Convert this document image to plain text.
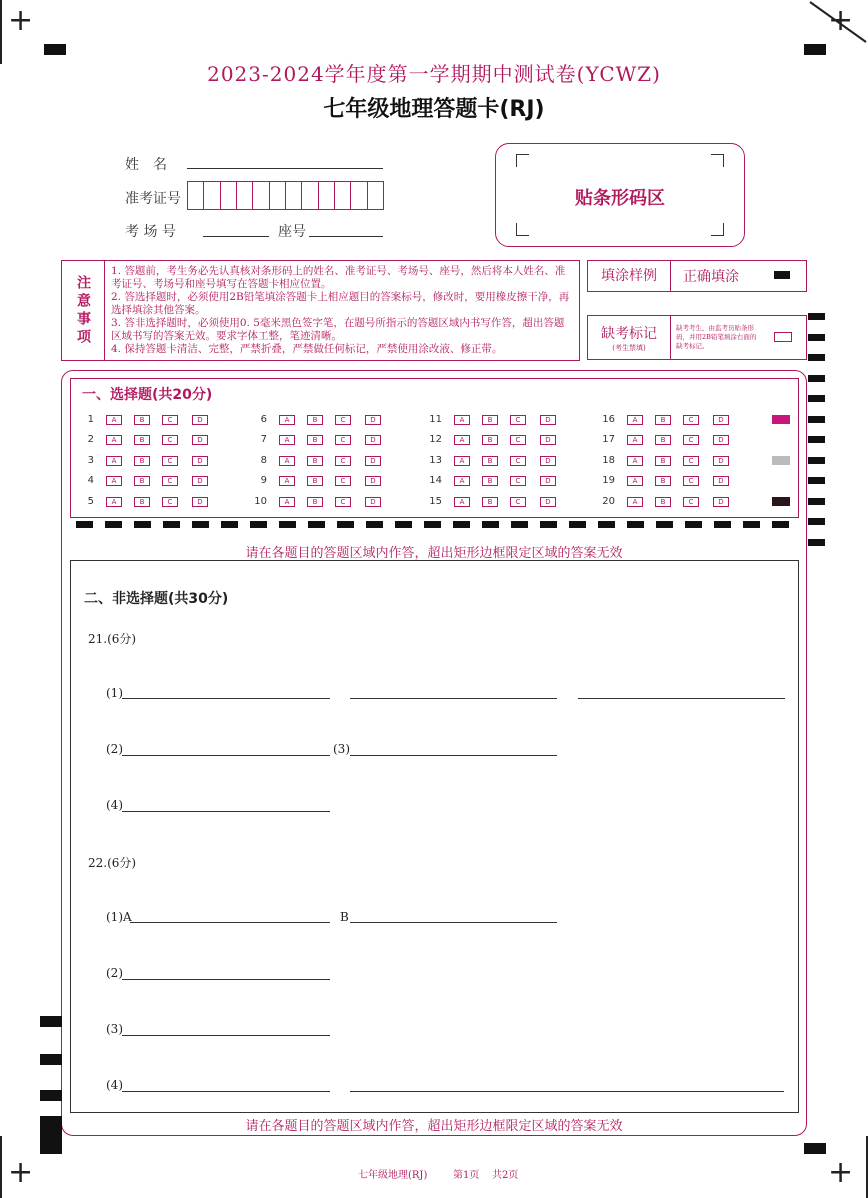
+	+
+	+
2023-2024学年度第一学期期中测试卷(YCWZ)
七年级地理答题卡(RJ)
姓　名
准考证号
考 场 号	座号
贴条形码区
注意事项
1. 答题前，考生务必先认真核对条形码上的姓名、准考证号、考场号、座号，然后将本人姓名、准考证号、考场号和座号填写在答题卡相应位置。
2. 答选择题时，必须使用2B铅笔填涂答题卡上相应题目的答案标号，修改时，要用橡皮擦干净，再选择填涂其他答案。
3. 答非选择题时，必须使用0. 5毫米黑色签字笔，在题号所指示的答题区域内书写作答，超出答题区域书写的答案无效。要求字体工整，笔迹清晰。
4. 保持答题卡清洁、完整，严禁折叠，严禁做任何标记，严禁使用涂改液、修正带。
填涂样例	正确填涂
缺考标记
(考生禁填)
缺考考生，由监考员贴条形码，并用2B铅笔填涂右面的缺考标记。
一、选择题(共20分)
1	A	B	C	D
2	A	B	C	D
3	A	B	C	D
4	A	B	C	D
5	A	B	C	D
6	A	B	C	D
7	A	B	C	D
8	A	B	C	D
9	A	B	C	D
10	A	B	C	D
11	A	B	C	D
12	A	B	C	D
13	A	B	C	D
14	A	B	C	D
15	A	B	C	D
16	A	B	C	D
17	A	B	C	D
18	A	B	C	D
19	A	B	C	D
20	A	B	C	D
请在各题目的答题区域内作答，超出矩形边框限定区域的答案无效
二、非选择题(共30分)
21.(6分)
(1)
(2)	(3)
(4)
22.(6分)
(1)A	B
(2)
(3)
(4)
请在各题目的答题区域内作答，超出矩形边框限定区域的答案无效
七年级地理(RJ)	第1页 共2页
